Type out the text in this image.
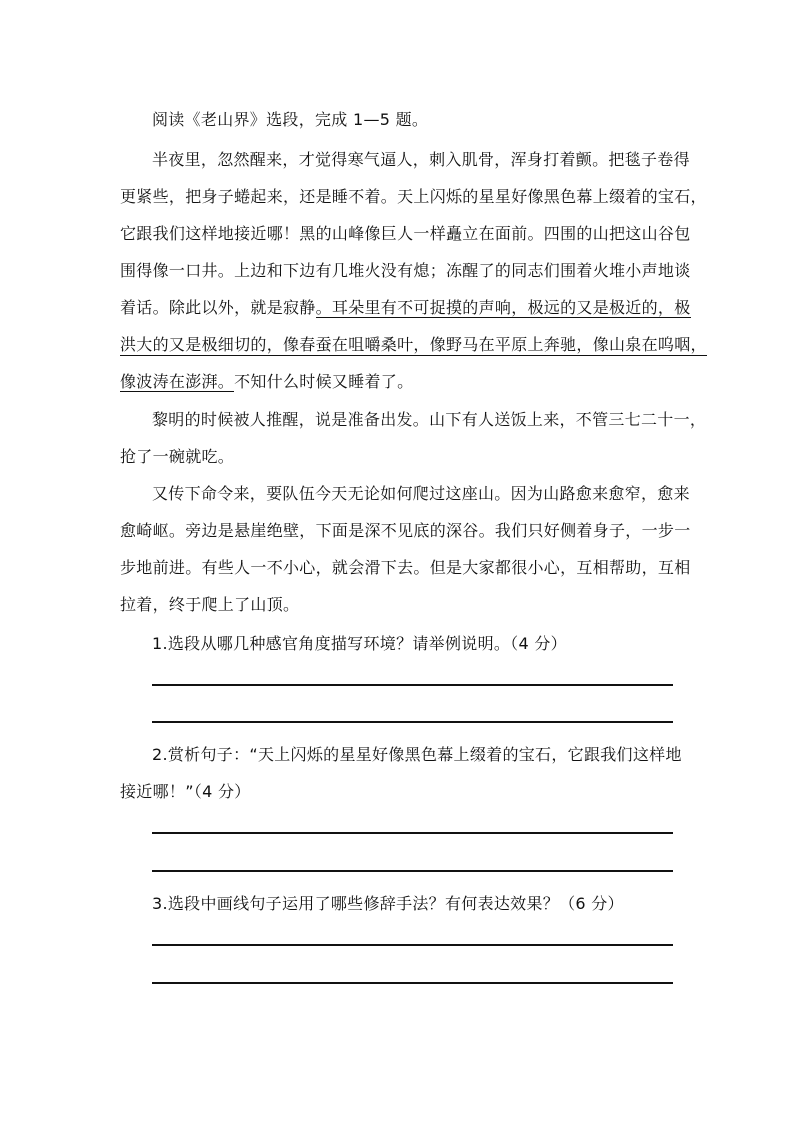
阅读《老山界》选段，完成 1—5 题。
半夜里，忽然醒来，才觉得寒气逼人，刺入肌骨，浑身打着颤。把毯子卷得
更紧些，把身子蜷起来，还是睡不着。天上闪烁的星星好像黑色幕上缀着的宝石，
它跟我们这样地接近哪！黑的山峰像巨人一样矗立在面前。四围的山把这山谷包
围得像一口井。上边和下边有几堆火没有熄；冻醒了的同志们围着火堆小声地谈
着话。除此以外，就是寂静。耳朵里有不可捉摸的声响，极远的又是极近的，极
洪大的又是极细切的，像春蚕在咀嚼桑叶，像野马在平原上奔驰，像山泉在呜咽，
像波涛在澎湃。不知什么时候又睡着了。
黎明的时候被人推醒，说是准备出发。山下有人送饭上来，不管三七二十一，
抢了一碗就吃。
又传下命令来，要队伍今天无论如何爬过这座山。因为山路愈来愈窄，愈来
愈崎岖。旁边是悬崖绝壁，下面是深不见底的深谷。我们只好侧着身子，一步一
步地前进。有些人一不小心，就会滑下去。但是大家都很小心，互相帮助，互相
拉着，终于爬上了山顶。
1.选段从哪几种感官角度描写环境？请举例说明。（4 分）
2.赏析句子：“天上闪烁的星星好像黑色幕上缀着的宝石，它跟我们这样地
接近哪！”（4 分）
3.选段中画线句子运用了哪些修辞手法？有何表达效果？（6 分）
